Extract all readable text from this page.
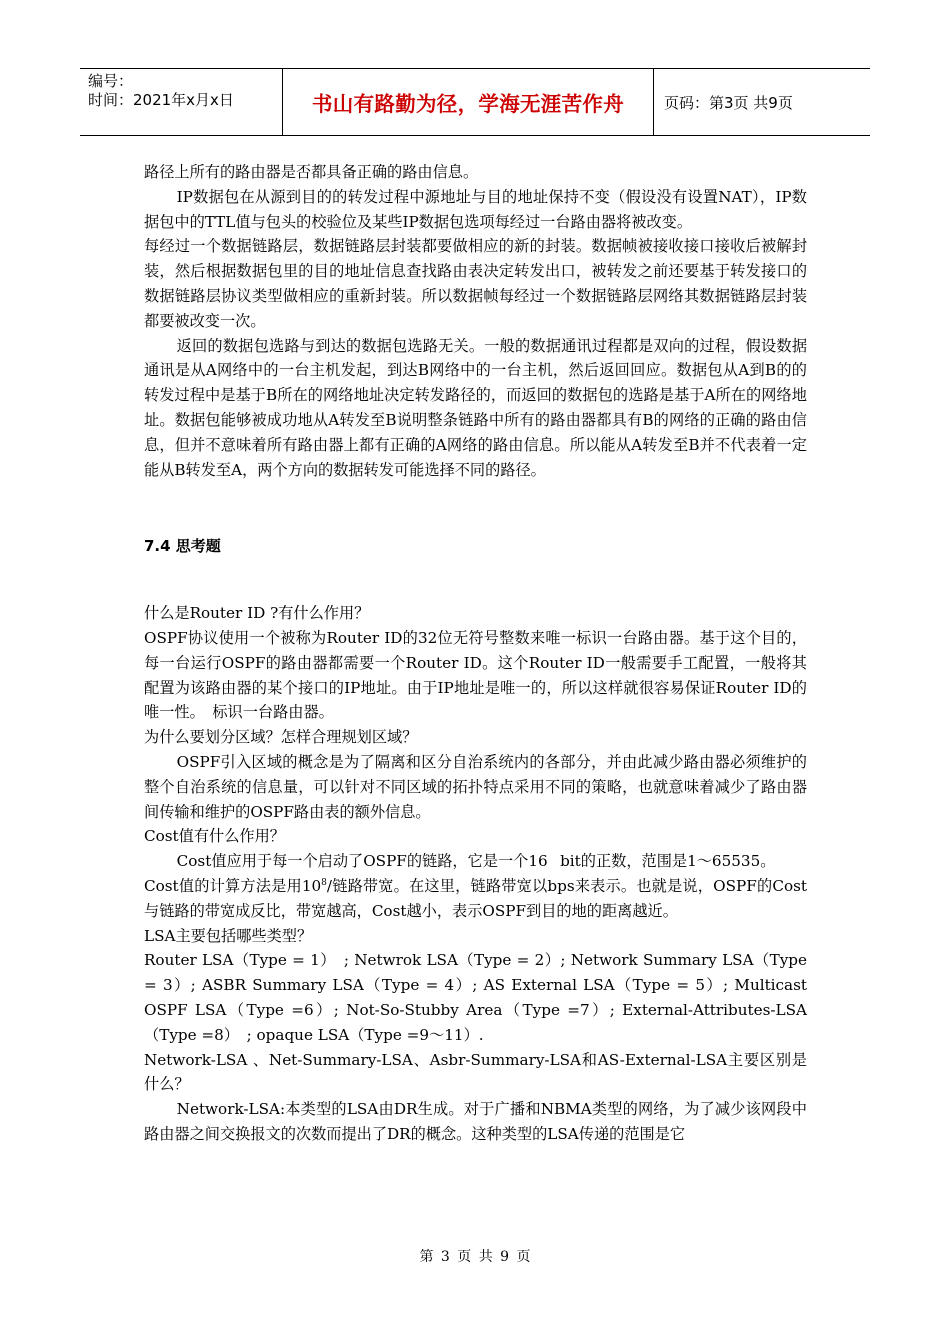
编号：
时间：2021年x月x日	书山有路勤为径，学海无涯苦作舟	页码：第3页 共9页

路径上所有的路由器是否都具备正确的路由信息。

IP数据包在从源到目的的转发过程中源地址与目的地址保持不变（假设没有设置NAT），IP数据包中的TTL值与包头的校验位及某些IP数据包选项每经过一台路由器将被改变。

每经过一个数据链路层，数据链路层封装都要做相应的新的封装。数据帧被接收接口接收后被解封装，然后根据数据包里的目的地址信息查找路由表决定转发出口，被转发之前还要基于转发接口的数据链路层协议类型做相应的重新封装。所以数据帧每经过一个数据链路层网络其数据链路层封装都要被改变一次。

返回的数据包选路与到达的数据包选路无关。一般的数据通讯过程都是双向的过程，假设数据通讯是从A网络中的一台主机发起，到达B网络中的一台主机，然后返回回应。数据包从A到B的的转发过程中是基于B所在的网络地址决定转发路径的，而返回的数据包的选路是基于A所在的网络地址。数据包能够被成功地从A转发至B说明整条链路中所有的路由器都具有B的网络的正确的路由信息，但并不意味着所有路由器上都有正确的A网络的路由信息。所以能从A转发至B并不代表着一定能从B转发至A，两个方向的数据转发可能选择不同的路径。

7.4 思考题

什么是Router ID ?有什么作用？

OSPF协议使用一个被称为Router ID的32位无符号整数来唯一标识一台路由器。基于这个目的，每一台运行OSPF的路由器都需要一个Router ID。这个Router ID一般需要手工配置，一般将其配置为该路由器的某个接口的IP地址。由于IP地址是唯一的，所以这样就很容易保证Router ID的唯一性。　标识一台路由器。

为什么要划分区域？怎样合理规划区域？

OSPF引入区域的概念是为了隔离和区分自治系统内的各部分，并由此减少路由器必须维护的整个自治系统的信息量，可以针对不同区域的拓扑特点采用不同的策略，也就意味着减少了路由器间传输和维护的OSPF路由表的额外信息。

Cost值有什么作用？

Cost值应用于每一个启动了OSPF的链路，它是一个16 bit的正数，范围是1～65535。

Cost值的计算方法是用$10^8/$链路带宽。在这里，链路带宽以bps来表示。也就是说，OSPF的Cost与链路的带宽成反比，带宽越高，Cost越小，表示OSPF到目的地的距离越近。

LSA主要包括哪些类型？

Router LSA（Type = 1）　; Netwrok LSA（Type = 2）; Network Summary LSA（Type = 3）; ASBR Summary LSA（Type = 4）; AS External LSA（Type = 5）; Multicast OSPF LSA（Type =6）; Not-So-Stubby Area（Type =7）; External-Attributes-LSA（Type =8）　; opaque LSA（Type =9～11）.

Network-LSA 、Net-Summary-LSA、Asbr-Summary-LSA和AS-External-LSA主要区别是什么？

Network-LSA:本类型的LSA由DR生成。对于广播和NBMA类型的网络，为了减少该网段中路由器之间交换报文的次数而提出了DR的概念。这种类型的LSA传递的范围是它

第 3 页 共 9 页
